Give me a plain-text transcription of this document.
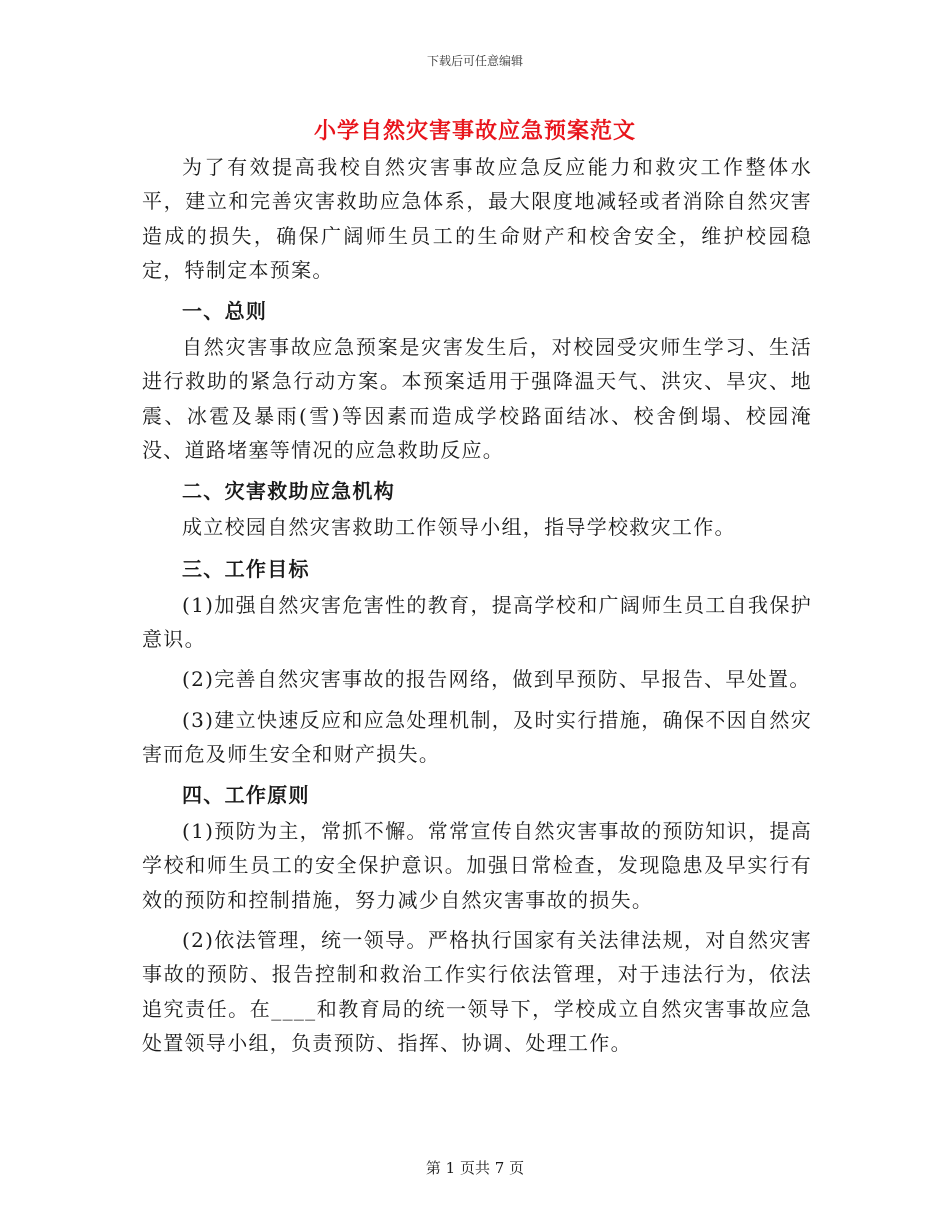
下载后可任意编辑
小学自然灾害事故应急预案范文

为了有效提高我校自然灾害事故应急反应能力和救灾工作整体水平，建立和完善灾害救助应急体系，最大限度地减轻或者消除自然灾害造成的损失，确保广阔师生员工的生命财产和校舍安全，维护校园稳定，特制定本预案。

一、总则

自然灾害事故应急预案是灾害发生后，对校园受灾师生学习、生活进行救助的紧急行动方案。本预案适用于强降温天气、洪灾、旱灾、地震、冰雹及暴雨(雪)等因素而造成学校路面结冰、校舍倒塌、校园淹没、道路堵塞等情况的应急救助反应。

二、灾害救助应急机构

成立校园自然灾害救助工作领导小组，指导学校救灾工作。

三、工作目标

(1)加强自然灾害危害性的教育，提高学校和广阔师生员工自我保护意识。

(2)完善自然灾害事故的报告网络，做到早预防、早报告、早处置。

(3)建立快速反应和应急处理机制，及时实行措施，确保不因自然灾害而危及师生安全和财产损失。

四、工作原则

(1)预防为主，常抓不懈。常常宣传自然灾害事故的预防知识，提高学校和师生员工的安全保护意识。加强日常检查，发现隐患及早实行有效的预防和控制措施，努力减少自然灾害事故的损失。

(2)依法管理，统一领导。严格执行国家有关法律法规，对自然灾害事故的预防、报告控制和救治工作实行依法管理，对于违法行为，依法追究责任。在____和教育局的统一领导下，学校成立自然灾害事故应急处置领导小组，负责预防、指挥、协调、处理工作。

第 1 页共 7 页
